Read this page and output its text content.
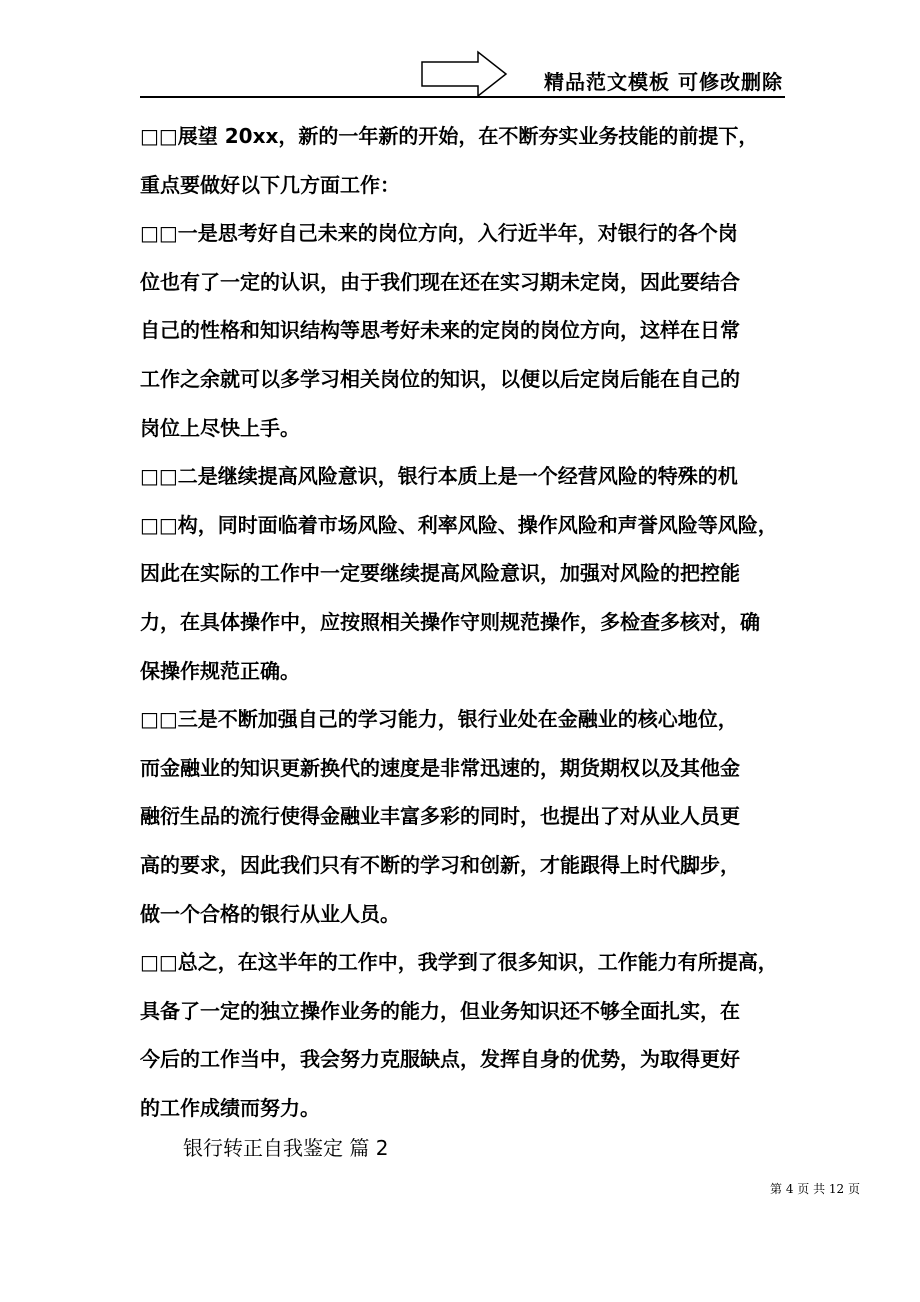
精品范文模板 可修改删除
□□展望 20xx，新的一年新的开始，在不断夯实业务技能的前提下，
重点要做好以下几方面工作：
□□一是思考好自己未来的岗位方向，入行近半年，对银行的各个岗
位也有了一定的认识，由于我们现在还在实习期未定岗，因此要结合
自己的性格和知识结构等思考好未来的定岗的岗位方向，这样在日常
工作之余就可以多学习相关岗位的知识，以便以后定岗后能在自己的
岗位上尽快上手。
□□二是继续提高风险意识，银行本质上是一个经营风险的特殊的机
□□构，同时面临着市场风险、利率风险、操作风险和声誉风险等风险，
因此在实际的工作中一定要继续提高风险意识，加强对风险的把控能
力，在具体操作中，应按照相关操作守则规范操作，多检查多核对，确
保操作规范正确。
□□三是不断加强自己的学习能力，银行业处在金融业的核心地位，
而金融业的知识更新换代的速度是非常迅速的，期货期权以及其他金
融衍生品的流行使得金融业丰富多彩的同时，也提出了对从业人员更
高的要求，因此我们只有不断的学习和创新，才能跟得上时代脚步，
做一个合格的银行从业人员。
□□总之，在这半年的工作中，我学到了很多知识，工作能力有所提高，
具备了一定的独立操作业务的能力，但业务知识还不够全面扎实，在
今后的工作当中，我会努力克服缺点，发挥自身的优势，为取得更好
的工作成绩而努力。
银行转正自我鉴定 篇 2
第 4 页 共 12 页
